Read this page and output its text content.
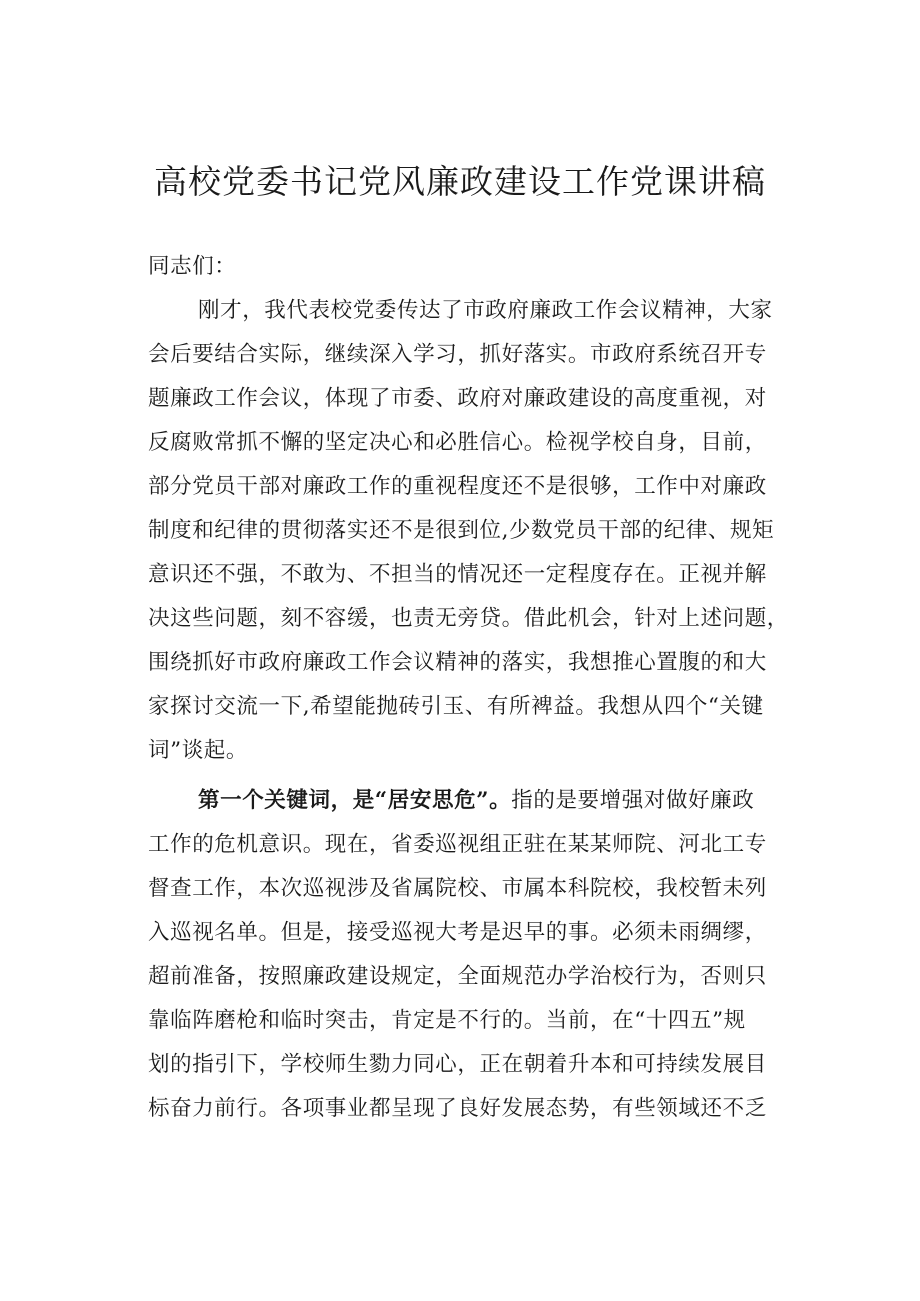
高校党委书记党风廉政建设工作党课讲稿
同志们：
刚才，我代表校党委传达了市政府廉政工作会议精神，大家
会后要结合实际，继续深入学习，抓好落实。市政府系统召开专
题廉政工作会议，体现了市委、政府对廉政建设的高度重视，对
反腐败常抓不懈的坚定决心和必胜信心。检视学校自身，目前，
部分党员干部对廉政工作的重视程度还不是很够，工作中对廉政
制度和纪律的贯彻落实还不是很到位,少数党员干部的纪律、规矩
意识还不强，不敢为、不担当的情况还一定程度存在。正视并解
决这些问题，刻不容缓，也责无旁贷。借此机会，针对上述问题，
围绕抓好市政府廉政工作会议精神的落实，我想推心置腹的和大
家探讨交流一下,希望能抛砖引玉、有所裨益。我想从四个“关键
词”谈起。
第一个关键词，是“居安思危”。指的是要增强对做好廉政
工作的危机意识。现在，省委巡视组正驻在某某师院、河北工专
督查工作，本次巡视涉及省属院校、市属本科院校，我校暂未列
入巡视名单。但是，接受巡视大考是迟早的事。必须未雨绸缪，
超前准备，按照廉政建设规定，全面规范办学治校行为，否则只
靠临阵磨枪和临时突击，肯定是不行的。当前，在“十四五”规
划的指引下，学校师生勠力同心，正在朝着升本和可持续发展目
标奋力前行。各项事业都呈现了良好发展态势，有些领域还不乏
